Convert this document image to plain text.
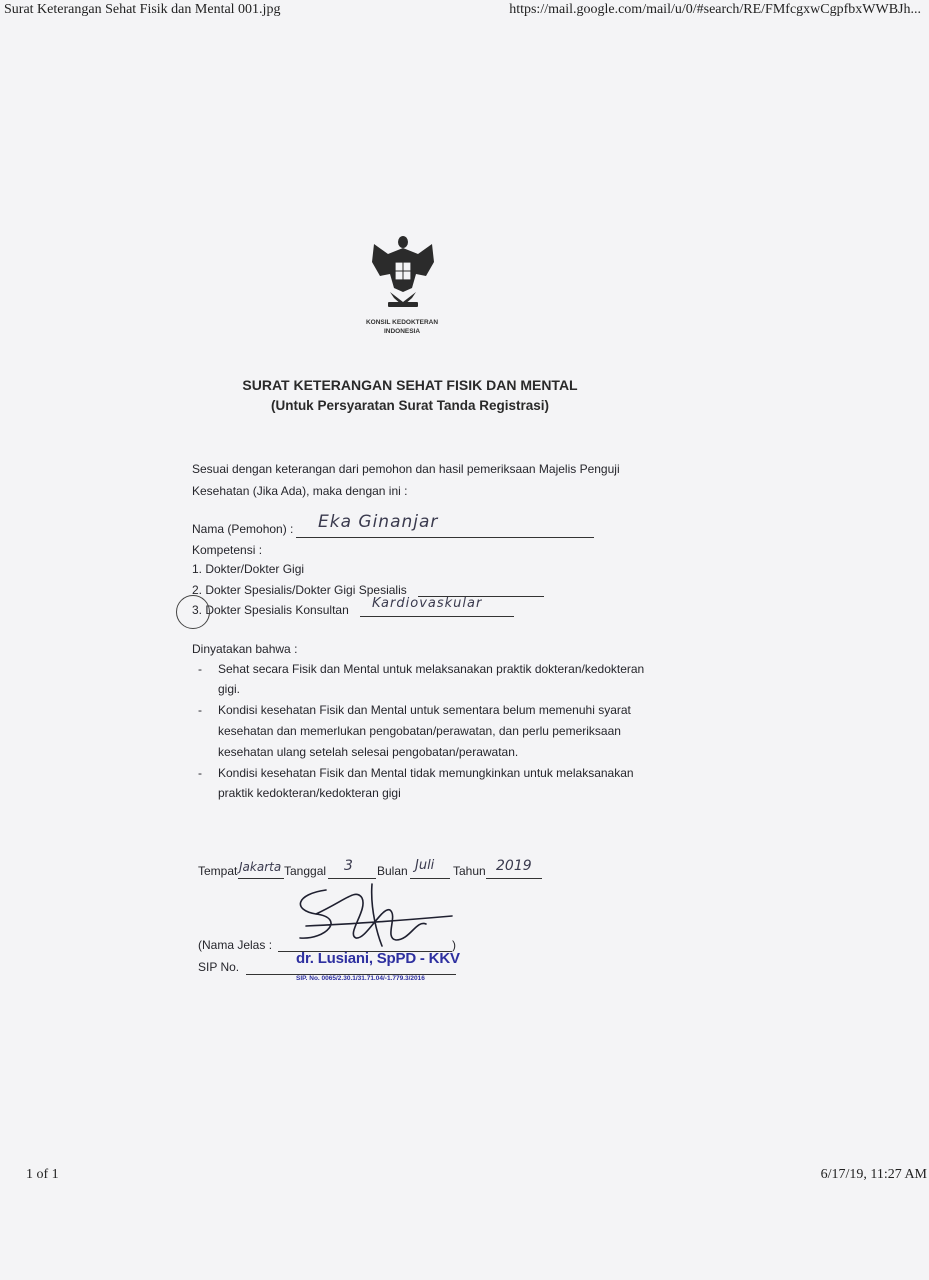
Surat Keterangan Sehat Fisik dan Mental 001.jpg	https://mail.google.com/mail/u/0/#search/RE/FMfcgxwCgpfbxWWBJh...
1 of 1	6/17/19, 11:27 AM
KONSIL KEDOKTERAN
INDONESIA
SURAT KETERANGAN SEHAT FISIK DAN MENTAL
(Untuk Persyaratan Surat Tanda Registrasi)
Sesuai dengan keterangan dari pemohon dan hasil pemeriksaan Majelis Penguji
Kesehatan (Jika Ada), maka dengan ini :
Nama (Pemohon) : Eka Ginanjar
Kompetensi :
1. Dokter/Dokter Gigi
2. Dokter Spesialis/Dokter Gigi Spesialis
3. Dokter Spesialis Konsultan Kardiovaskular
Dinyatakan bahwa :
- Sehat secara Fisik dan Mental untuk melaksanakan praktik dokteran/kedokteran
gigi.
- Kondisi kesehatan Fisik dan Mental untuk sementara belum memenuhi syarat
kesehatan dan memerlukan pengobatan/perawatan, dan perlu pemeriksaan
kesehatan ulang setelah selesai pengobatan/perawatan.
- Kondisi kesehatan Fisik dan Mental tidak memungkinkan untuk melaksanakan
praktik kedokteran/kedokteran gigi
Tempat Jakarta Tanggal 3 Bulan Juli Tahun 2019
(Nama Jelas :	)
SIP No.	dr. Lusiani, SpPD - KKV
SIP. No. 0065/2.30.1/31.71.04/-1.779.3/2016
